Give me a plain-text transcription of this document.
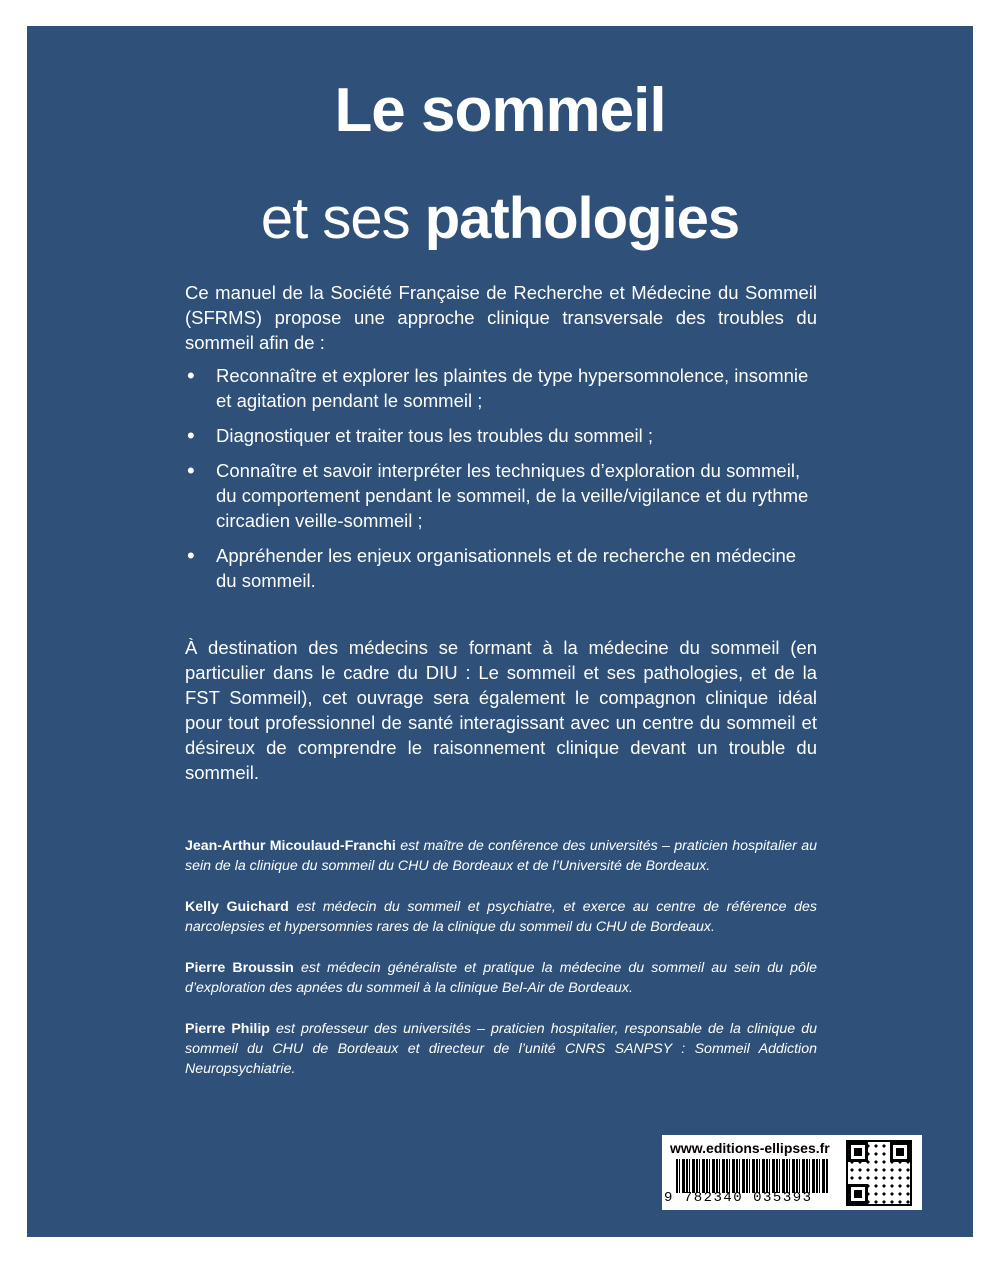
Le sommeil
et ses pathologies
Ce manuel de la Société Française de Recherche et Médecine du Sommeil (SFRMS) propose une approche clinique transversale des troubles du sommeil afin de :
• Reconnaître et explorer les plaintes de type hypersomnolence, insomnie et agitation pendant le sommeil ;
• Diagnostiquer et traiter tous les troubles du sommeil ;
• Connaître et savoir interpréter les techniques d’exploration du sommeil, du comportement pendant le sommeil, de la veille/vigilance et du rythme circadien veille-sommeil ;
• Appréhender les enjeux organisationnels et de recherche en médecine du sommeil.
À destination des médecins se formant à la médecine du sommeil (en particulier dans le cadre du DIU : Le sommeil et ses pathologies, et de la FST Sommeil), cet ouvrage sera également le compagnon clinique idéal pour tout professionnel de santé interagissant avec un centre du sommeil et désireux de comprendre le raisonnement clinique devant un trouble du sommeil.
Jean-Arthur Micoulaud-Franchi est maître de conférence des universités – praticien hospitalier au sein de la clinique du sommeil du CHU de Bordeaux et de l’Université de Bordeaux.
Kelly Guichard est médecin du sommeil et psychiatre, et exerce au centre de référence des narcolepsies et hypersomnies rares de la clinique du sommeil du CHU de Bordeaux.
Pierre Broussin est médecin généraliste et pratique la médecine du sommeil au sein du pôle d’exploration des apnées du sommeil à la clinique Bel-Air de Bordeaux.
Pierre Philip est professeur des universités – praticien hospitalier, responsable de la clinique du sommeil du CHU de Bordeaux et directeur de l’unité CNRS SANPSY : Sommeil Addiction Neuropsychiatrie.
www.editions-ellipses.fr
9 782340 035393
